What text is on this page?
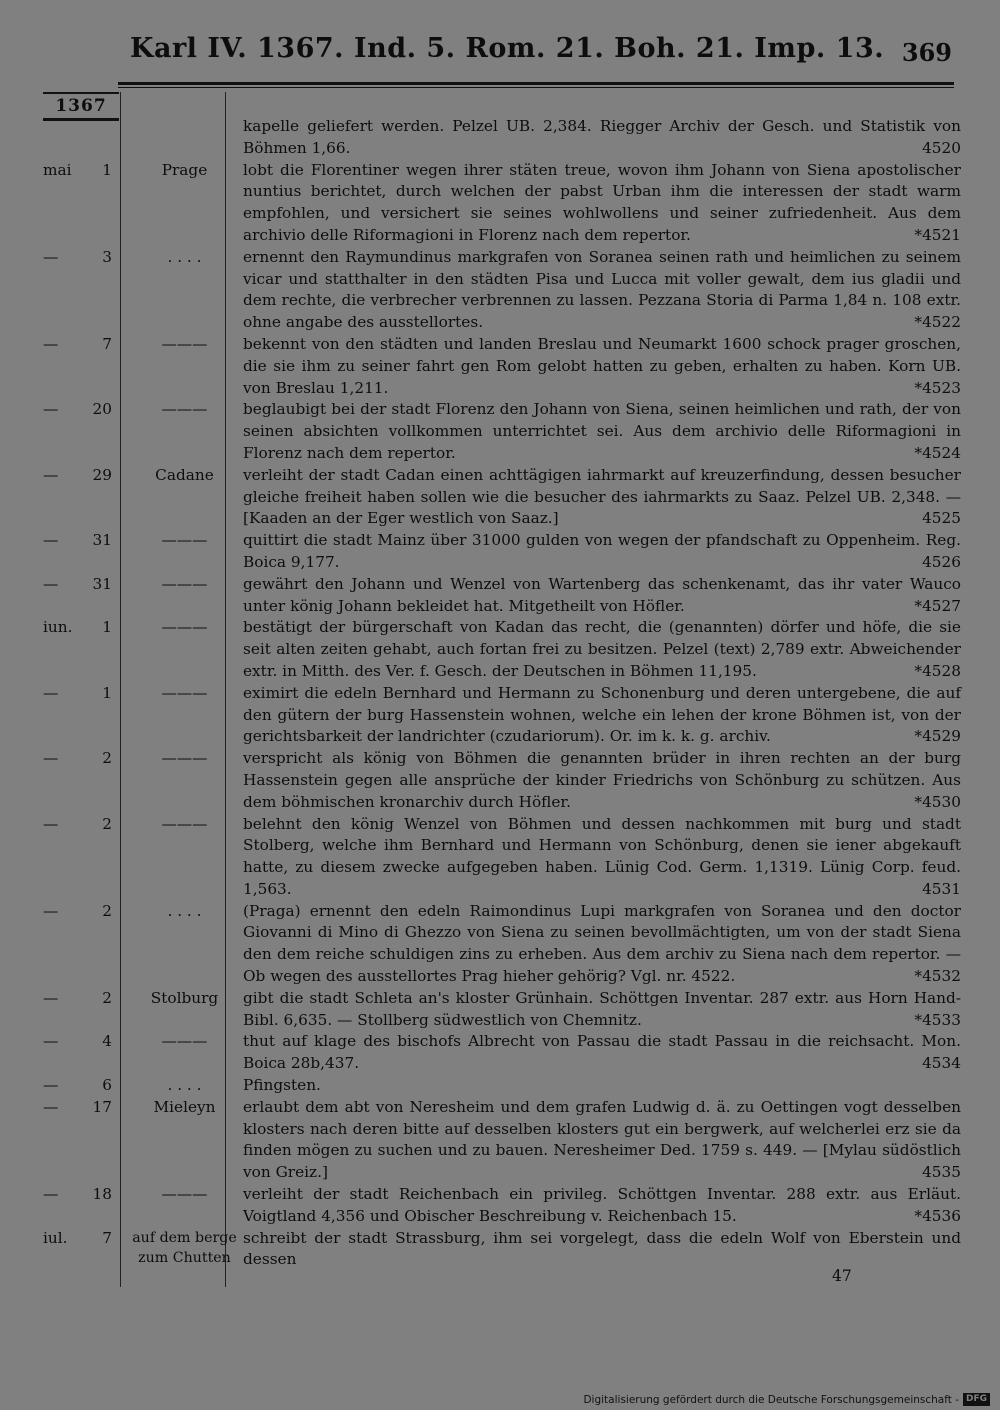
Karl IV. 1367. Ind. 5. Rom. 21. Boh. 21. Imp. 13. 369
1367
		kapelle geliefert werden. Pelzel UB. 2,384. Riegger Archiv der Gesch. und Statistik von Böhmen 1,66. 4520

mai 1	Prage	lobt die Florentiner wegen ihrer stäten treue, wovon ihm Johann von Siena apostolischer nuntius berichtet, durch welchen der pabst Urban ihm die interessen der stadt warm empfohlen, und versichert sie seines wohlwollens und seiner zufriedenheit. Aus dem archivio delle Riformagioni in Florenz nach dem repertor. *4521

— 3	. . . .	ernennt den Raymundinus markgrafen von Soranea seinen rath und heimlichen zu seinem vicar und statthalter in den städten Pisa und Lucca mit voller gewalt, dem ius gladii und dem rechte, die verbrecher verbrennen zu lassen. Pezzana Storia di Parma 1,84 n. 108 extr. ohne angabe des ausstellortes. *4522

— 7	———	bekennt von den städten und landen Breslau und Neumarkt 1600 schock prager groschen, die sie ihm zu seiner fahrt gen Rom gelobt hatten zu geben, erhalten zu haben. Korn UB. von Breslau 1,211. *4523

— 20	———	beglaubigt bei der stadt Florenz den Johann von Siena, seinen heimlichen und rath, der von seinen absichten vollkommen unterrichtet sei. Aus dem archivio delle Riformagioni in Florenz nach dem repertor. *4524

— 29	Cadane	verleiht der stadt Cadan einen achttägigen iahrmarkt auf kreuzerfindung, dessen besucher gleiche freiheit haben sollen wie die besucher des iahrmarkts zu Saaz. Pelzel UB. 2,348. — [Kaaden an der Eger westlich von Saaz.] 4525

— 31	———	quittirt die stadt Mainz über 31000 gulden von wegen der pfandschaft zu Oppenheim. Reg. Boica 9,177. 4526

— 31	———	gewährt den Johann und Wenzel von Wartenberg das schenkenamt, das ihr vater Wauco unter könig Johann bekleidet hat. Mitgetheilt von Höfler. *4527

iun. 1	———	bestätigt der bürgerschaft von Kadan das recht, die (genannten) dörfer und höfe, die sie seit alten zeiten gehabt, auch fortan frei zu besitzen. Pelzel (text) 2,789 extr. Abweichender extr. in Mitth. des Ver. f. Gesch. der Deutschen in Böhmen 11,195. *4528

— 1	———	eximirt die edeln Bernhard und Hermann zu Schonenburg und deren untergebene, die auf den gütern der burg Hassenstein wohnen, welche ein lehen der krone Böhmen ist, von der gerichtsbarkeit der landrichter (czudariorum). Or. im k. k. g. archiv. *4529

— 2	———	verspricht als könig von Böhmen die genannten brüder in ihren rechten an der burg Hassenstein gegen alle ansprüche der kinder Friedrichs von Schönburg zu schützen. Aus dem böhmischen kronarchiv durch Höfler. *4530

— 2	———	belehnt den könig Wenzel von Böhmen und dessen nachkommen mit burg und stadt Stolberg, welche ihm Bernhard und Hermann von Schönburg, denen sie iener abgekauft hatte, zu diesem zwecke aufgegeben haben. Lünig Cod. Germ. 1,1319. Lünig Corp. feud. 1,563. 4531

— 2	. . . .	(Praga) ernennt den edeln Raimondinus Lupi markgrafen von Soranea und den doctor Giovanni di Mino di Ghezzo von Siena zu seinen bevollmächtigten, um von der stadt Siena den dem reiche schuldigen zins zu erheben. Aus dem archiv zu Siena nach dem repertor. — Ob wegen des ausstellortes Prag hieher gehörig? Vgl. nr. 4522. *4532

— 2	Stolburg	gibt die stadt Schleta an's kloster Grünhain. Schöttgen Inventar. 287 extr. aus Horn Hand-Bibl. 6,635. — Stollberg südwestlich von Chemnitz. *4533

— 4	———	thut auf klage des bischofs Albrecht von Passau die stadt Passau in die reichsacht. Mon. Boica 28b,437. 4534

— 6	. . . .	Pfingsten.

— 17	Mieleyn	erlaubt dem abt von Neresheim und dem grafen Ludwig d. ä. zu Oettingen vogt desselben klosters nach deren bitte auf desselben klosters gut ein bergwerk, auf welcherlei erz sie da finden mögen zu suchen und zu bauen. Neresheimer Ded. 1759 s. 449. — [Mylau südöstlich von Greiz.] 4535

— 18	———	verleiht der stadt Reichenbach ein privileg. Schöttgen Inventar. 288 extr. aus Erläut. Voigtland 4,356 und Obischer Beschreibung v. Reichenbach 15. *4536

iul. 7	auf dem berge zum Chutten	schreibt der stadt Strassburg, ihm sei vorgelegt, dass die edeln Wolf von Eberstein und dessen
47
Digitalisierung gefördert durch die Deutsche Forschungsgemeinschaft - DFG
